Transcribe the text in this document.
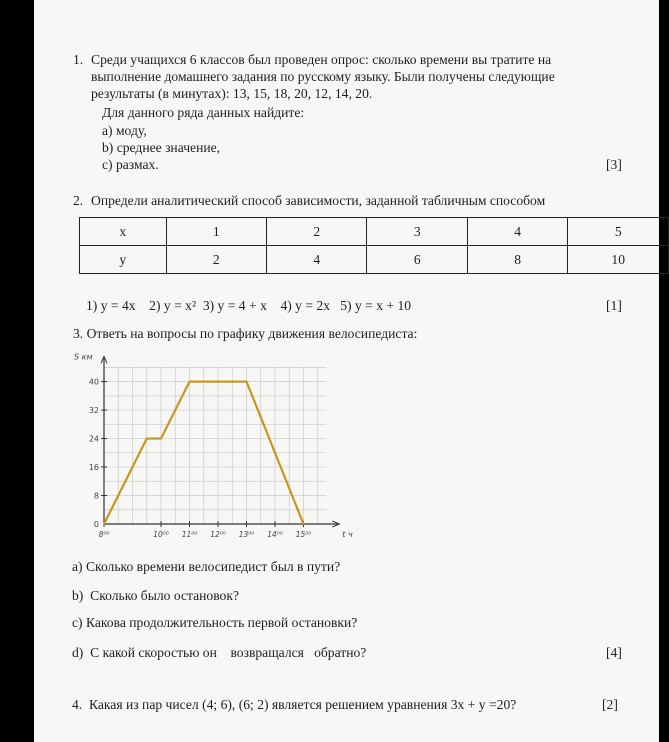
1. Среди учащихся 6 классов был проведен опрос: сколько времени вы тратите на
выполнение домашнего задания по русскому языку. Были получены следующие
результаты (в минутах): 13, 15, 18, 20, 12, 14, 20.
Для данного ряда данных найдите:
a) моду,
b) среднее значение,
c) размах.	[3]
2. Определи аналитический способ зависимости, заданной табличным способом
x	1	2	3	4	5
y	2	4	6	8	10
1) y = 4x    2) y = x²  3) y = 4 + x    4) y = 2x   5) y = x + 10	[1]
3. Ответь на вопросы по графику движения велосипедиста:
0
8
16
24
32
40
8⁰⁰	10⁰⁰ 11⁰⁰ 12⁰⁰ 13⁰⁰ 14⁰⁰ 15⁰⁰
S км
t ч
a) Сколько времени велосипедист был в пути?
b)  Сколько было остановок?
c) Какова продолжительность первой остановки?
d)  С какой скоростью он    возвращался   обратно?	[4]
4.  Какая из пар чисел (4; 6), (6; 2) является решением уравнения 3x + y =20?	[2]
